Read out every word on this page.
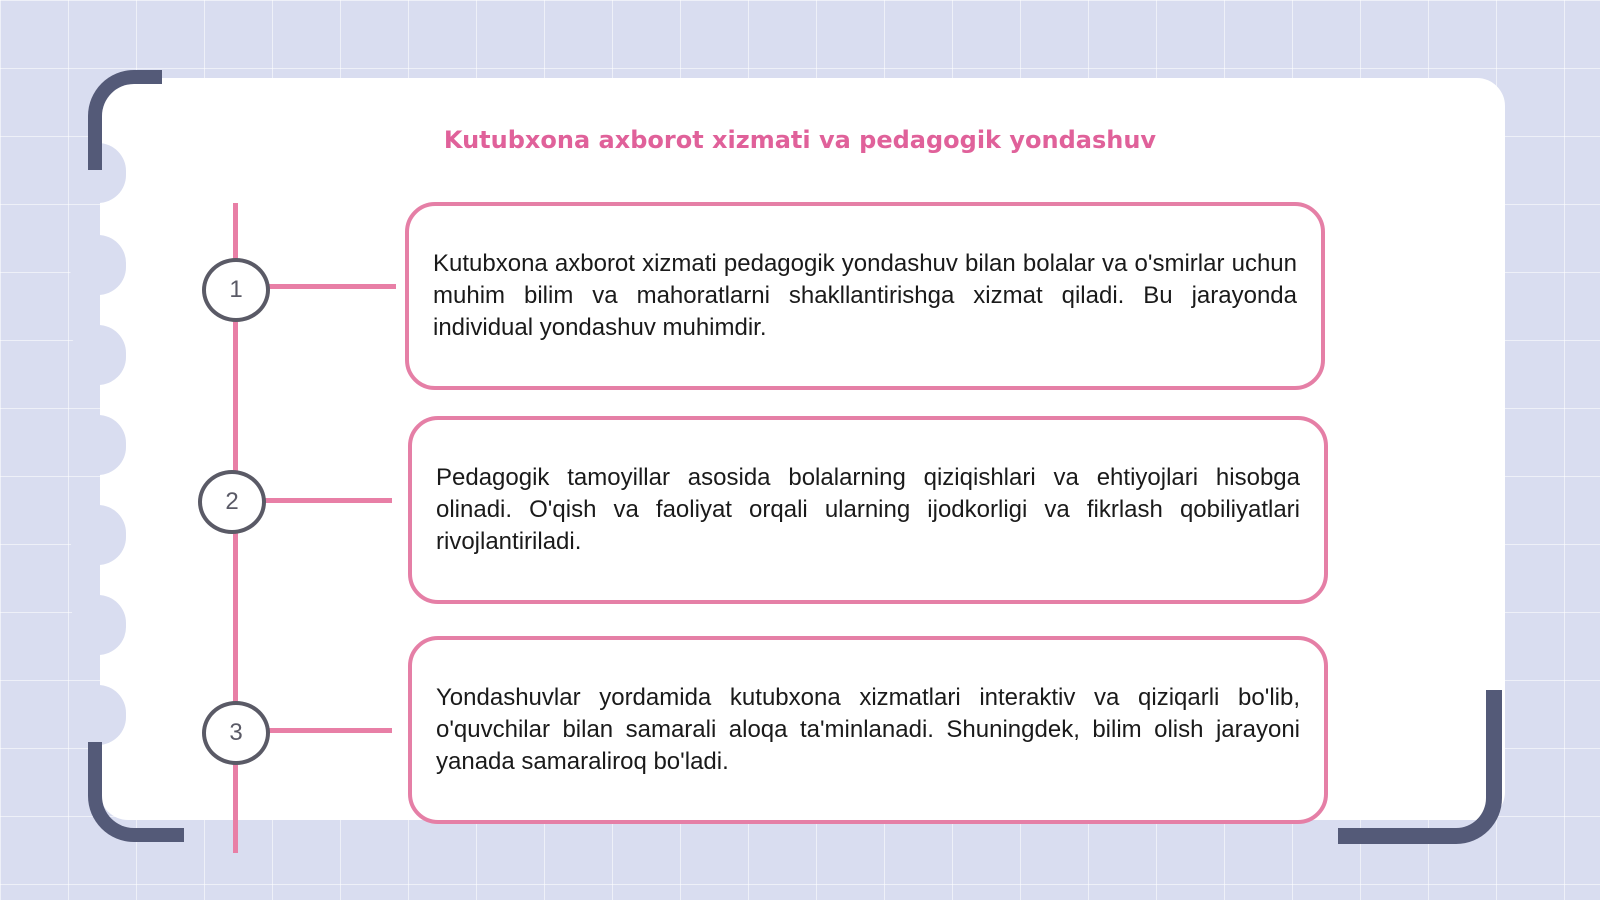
Kutubxona axborot xizmati va pedagogik yondashuv
1

Kutubxona axborot xizmati pedagogik yondashuv bilan bolalar va o'smirlar uchun muhim bilim va mahoratlarni shakllantirishga xizmat qiladi. Bu jarayonda individual yondashuv muhimdir.

2

Pedagogik tamoyillar asosida bolalarning qiziqishlari va ehtiyojlari hisobga olinadi. O'qish va faoliyat orqali ularning ijodkorligi va fikrlash qobiliyatlari rivojlantiriladi.

3

Yondashuvlar yordamida kutubxona xizmatlari interaktiv va qiziqarli bo'lib, o'quvchilar bilan samarali aloqa ta'minlanadi. Shuningdek, bilim olish jarayoni yanada samaraliroq bo'ladi.
